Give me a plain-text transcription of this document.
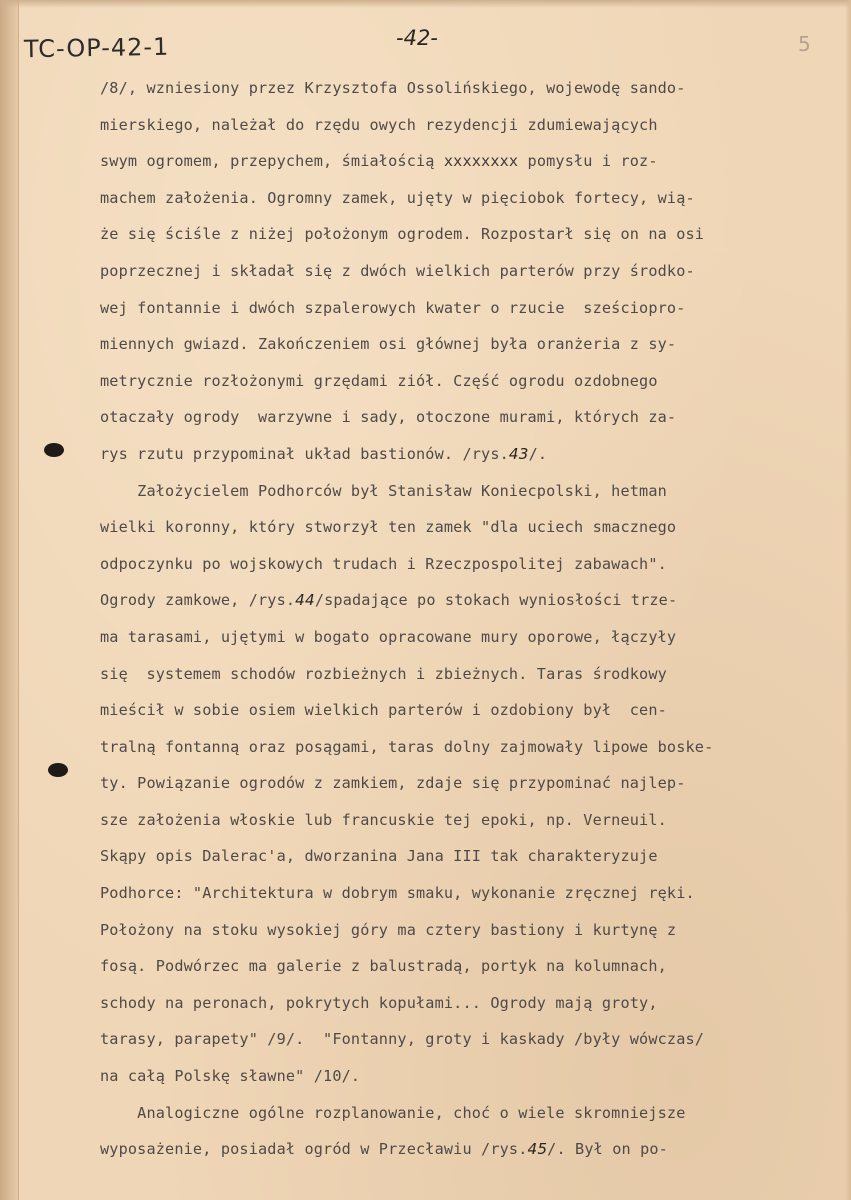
TC-OP-42-1	-42-	5
/8/, wzniesiony przez Krzysztofa Ossolińskiego, wojewodę sando-
mierskiego, należał do rzędu owych rezydencji zdumiewających
swym ogromem, przepychem, śmiałością xxxxxxxx pomysłu i roz-
machem założenia. Ogromny zamek, ujęty w pięciobok fortecy, wią-
że się ściśle z niżej położonym ogrodem. Rozpostarł się on na osi
poprzecznej i składał się z dwóch wielkich parterów przy środko-
wej fontannie i dwóch szpalerowych kwater o rzucie  sześciopro-
miennych gwiazd. Zakończeniem osi głównej była oranżeria z sy-
metrycznie rozłożonymi grzędami ziół. Część ogrodu ozdobnego
otaczały ogrody  warzywne i sady, otoczone murami, których za-
rys rzutu przypominał układ bastionów. /rys.43/.
Założycielem Podhorców był Stanisław Koniecpolski, hetman
wielki koronny, który stworzył ten zamek "dla uciech smacznego
odpoczynku po wojskowych trudach i Rzeczpospolitej zabawach".
Ogrody zamkowe, /rys.44/spadające po stokach wyniosłości trze-
ma tarasami, ujętymi w bogato opracowane mury oporowe, łączyły
się  systemem schodów rozbieżnych i zbieżnych. Taras środkowy
mieścił w sobie osiem wielkich parterów i ozdobiony był  cen-
tralną fontanną oraz posągami, taras dolny zajmowały lipowe boske-
ty. Powiązanie ogrodów z zamkiem, zdaje się przypominać najlep-
sze założenia włoskie lub francuskie tej epoki, np. Verneuil.
Skąpy opis Dalerac'a, dworzanina Jana III tak charakteryzuje
Podhorce: "Architektura w dobrym smaku, wykonanie zręcznej ręki.
Położony na stoku wysokiej góry ma cztery bastiony i kurtynę z
fosą. Podwórzec ma galerie z balustradą, portyk na kolumnach,
schody na peronach, pokrytych kopułami... Ogrody mają groty,
tarasy, parapety" /9/.  "Fontanny, groty i kaskady /były wówczas/
na całą Polskę sławne" /10/.
Analogiczne ogólne rozplanowanie, choć o wiele skromniejsze
wyposażenie, posiadał ogród w Przecławiu /rys.45/. Był on po-
